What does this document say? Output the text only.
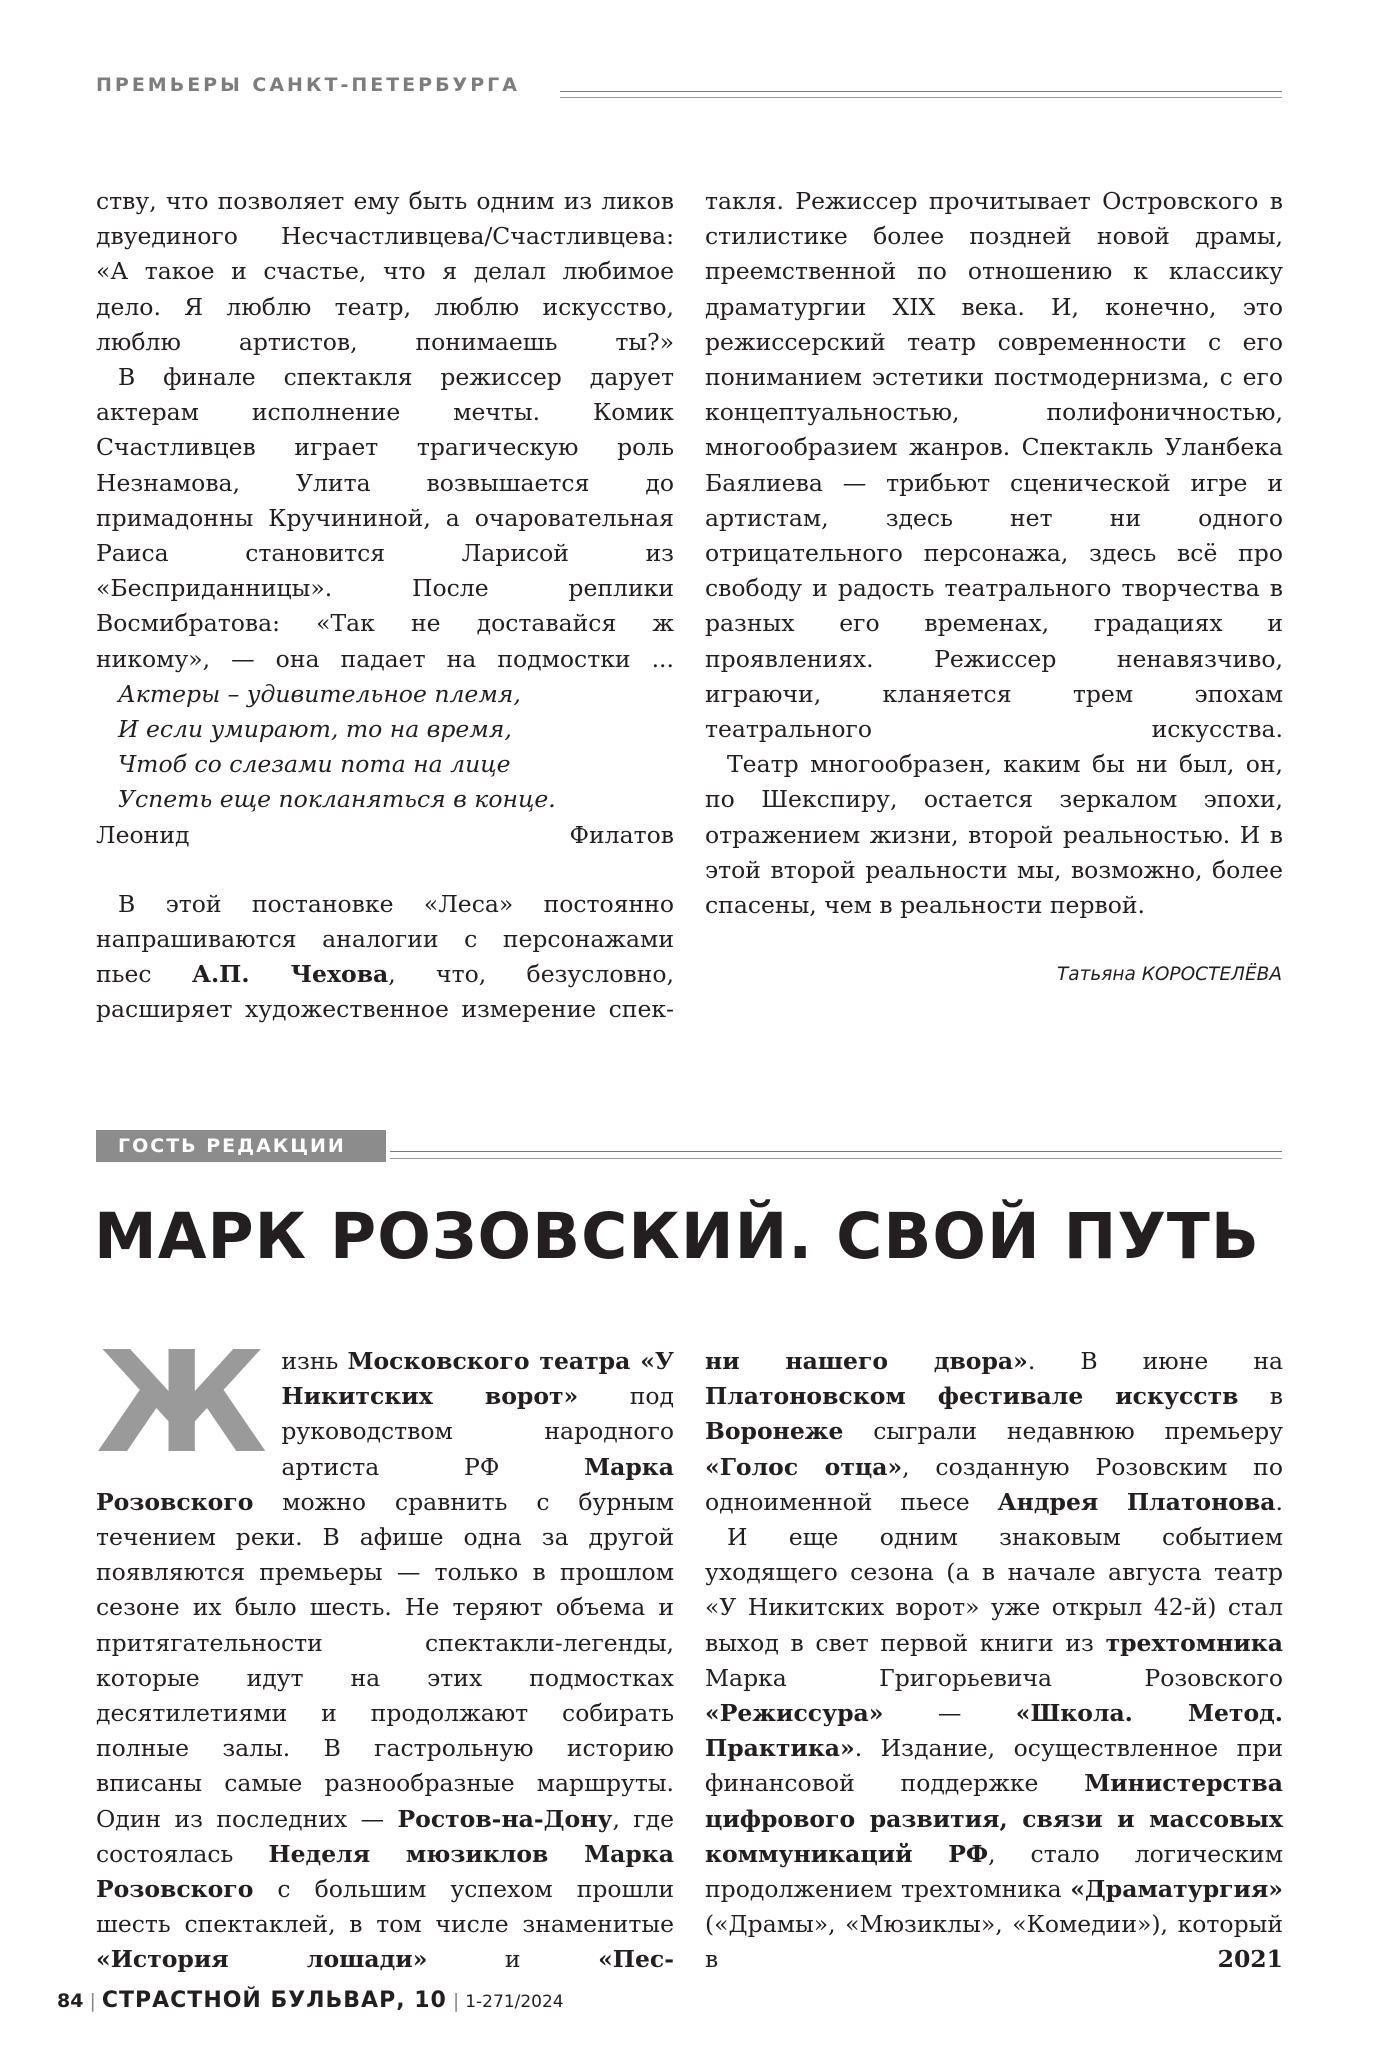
ПРЕМЬЕРЫ САНКТ-ПЕТЕРБУРГА

ству, что позволяет ему быть одним из ликов двуединого Несчастливцева/Счастливцева: «А такое и счастье, что я делал любимое дело. Я люблю театр, люблю искусство, люблю артистов, понимаешь ты?»

В финале спектакля режиссер дарует актерам исполнение мечты. Комик Счастливцев играет трагическую роль Незнамова, Улита возвышается до примадонны Кручининой, а очаровательная Раиса становится Ларисой из «Бесприданницы». После реплики Восмибратова: «Так не доставайся ж никому», — она падает на подмостки ...

Актеры – удивительное племя,
И если умирают, то на время,
Чтоб со слезами пота на лице
Успеть еще покланяться в конце.

Леонид Филатов

В этой постановке «Леса» постоянно напрашиваются аналогии с персонажами пьес А.П. Чехова, что, безусловно, расширяет художественное измерение спек-

такля. Режиссер прочитывает Островского в стилистике более поздней новой драмы, преемственной по отношению к классику драматургии XIX века. И, конечно, это режиссерский театр современности с его пониманием эстетики постмодернизма, с его концептуальностью, полифоничностью, многообразием жанров. Спектакль Уланбека Баялиева — трибьют сценической игре и артистам, здесь нет ни одного отрицательного персонажа, здесь всё про свободу и радость театрального творчества в разных его временах, градациях и проявлениях. Режиссер ненавязчиво, играючи, кланяется трем эпохам театрального искусства.

Театр многообразен, каким бы ни был, он, по Шекспиру, остается зеркалом эпохи, отражением жизни, второй реальностью. И в этой второй реальности мы, возможно, более спасены, чем в реальности первой.

Татьяна КОРОСТЕЛЁВА
ГОСТЬ РЕДАКЦИИ
МАРК РОЗОВСКИЙ. СВОЙ ПУТЬ

Жизнь Московского театра «У Никитских ворот» под руководством народного артиста РФ Марка Розовского можно сравнить с бурным течением реки. В афише одна за другой появляются премьеры — только в прошлом сезоне их было шесть. Не теряют объема и притягательности спектакли-легенды, которые идут на этих подмостках десятилетиями и продолжают собирать полные залы. В гастрольную историю вписаны самые разнообразные маршруты. Один из последних — Ростов-на-Дону, где состоялась Неделя мюзиклов Марка Розовского с большим успехом прошли шесть спектаклей, в том числе знаменитые «История лошади» и «Пес-

ни нашего двора». В июне на Платоновском фестивале искусств в Воронеже сыграли недавнюю премьеру «Голос отца», созданную Розовским по одноименной пьесе Андрея Платонова.

И еще одним знаковым событием уходящего сезона (а в начале августа театр «У Никитских ворот» уже открыл 42-й) стал выход в свет первой книги из трехтомника Марка Григорьевича Розовского «Режиссура» — «Школа. Метод. Практика». Издание, осуществленное при финансовой поддержке Министерства цифрового развития, связи и массовых коммуникаций РФ, стало логическим продолжением трехтомника «Драматургия» («Драмы», «Мюзиклы», «Комедии»), который в 2021

84 | СТРАСТНОЙ БУЛЬВАР, 10 | 1-271/2024
